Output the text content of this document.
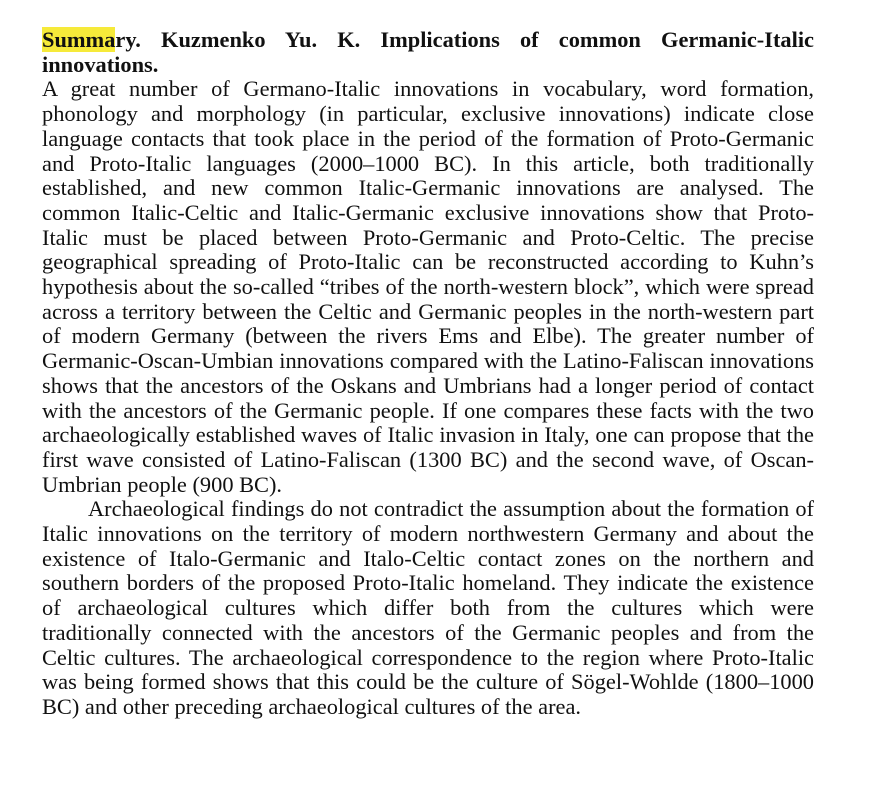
Summary. Kuzmenko Yu. K. Implications of common Germanic-Italic innovations.

A great number of Germano-Italic innovations in vocabulary, word formation, phonology and morphology (in particular, exclusive innovations) indicate close language contacts that took place in the period of the formation of Proto-Germanic and Proto-Italic languages (2000–1000 BC). In this article, both traditionally established, and new common Italic-Germanic innovations are analysed. The common Italic-Celtic and Italic-Germanic exclusive innovations show that Proto-Italic must be placed between Proto-Germanic and Proto-Celtic. The precise geographical spreading of Proto-Italic can be reconstructed according to Kuhn’s hypothesis about the so-called “tribes of the north-western block”, which were spread across a territory between the Celtic and Germanic peoples in the north-western part of modern Germany (between the rivers Ems and Elbe). The greater number of Germanic-Oscan-Umbian innovations compared with the Latino-Faliscan innovations shows that the ancestors of the Oskans and Umbrians had a longer period of contact with the ancestors of the Germanic people. If one compares these facts with the two archaeologically established waves of Italic invasion in Italy, one can propose that the first wave consisted of Latino-Faliscan (1300 BC) and the second wave, of Oscan-Umbrian people (900 BC).

Archaeological findings do not contradict the assumption about the formation of Italic innovations on the territory of modern northwestern Germany and about the existence of Italo-Germanic and Italo-Celtic contact zones on the northern and southern borders of the proposed Proto-Italic homeland. They indicate the existence of archaeological cultures which differ both from the cultures which were traditionally connected with the ancestors of the Germanic peoples and from the Celtic cultures. The archaeological correspondence to the region where Proto-Italic was being formed shows that this could be the culture of Sögel-Wohlde (1800–1000 BC) and other preceding archaeological cultures of the area.
